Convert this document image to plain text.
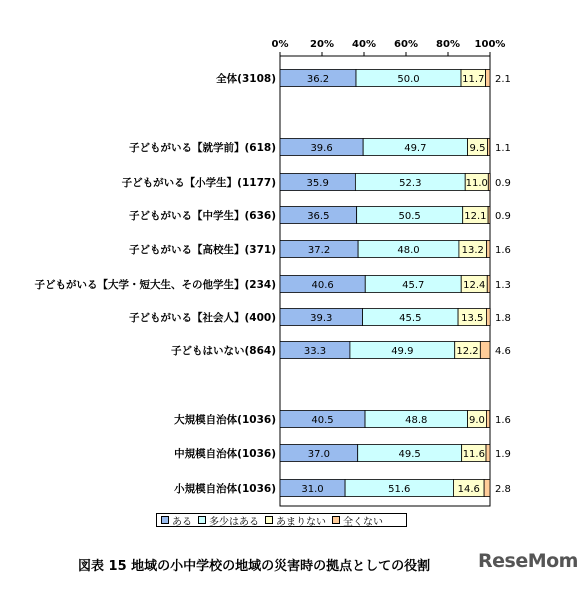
0% 20% 40% 60% 80% 100%
全体(3108)	36.2	50.0	11.7 2.1
子どもがいる【就学前】(618)	39.6	49.7	9.5 1.1
子どもがいる【小学生】(1177)	35.9	52.3	11.0 0.9
子どもがいる【中学生】(636)	36.5	50.5	12.1 0.9
子どもがいる【高校生】(371)	37.2	48.0	13.2 1.6
子どもがいる【大学・短大生、その他学生】(234)	40.6	45.7	12.4 1.3
子どもがいる【社会人】(400)	39.3	45.5	13.5 1.8
子どもはいない(864)	33.3	49.9	12.2 4.6
大規模自治体(1036)	40.5	48.8	9.0 1.6
中規模自治体(1036)	37.0	49.5	11.6 1.9
小規模自治体(1036)	31.0	51.6	14.6 2.8
ある 多少はある あまりない 全くない
図表 15 地域の小中学校の地域の災害時の拠点としての役割	ReseMom
